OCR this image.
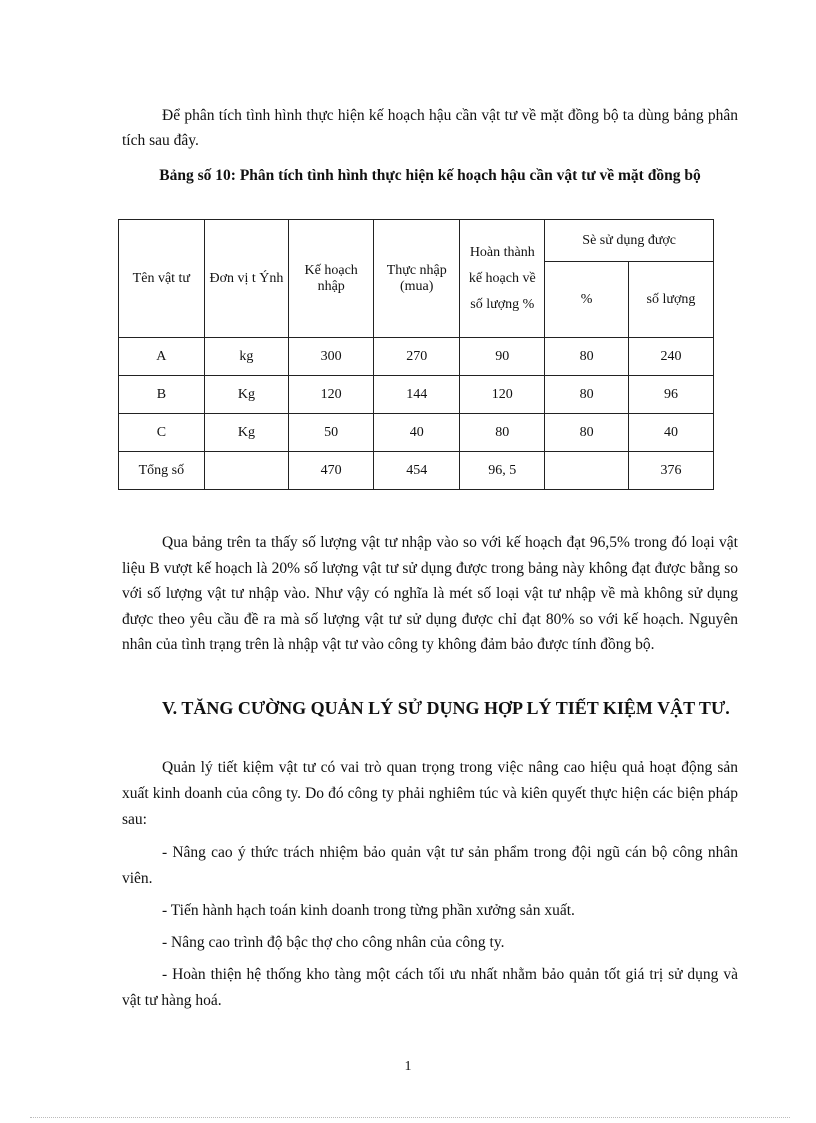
Để phân tích tình hình thực hiện kế hoạch hậu cần vật tư về mặt đồng bộ ta dùng bảng phân tích sau đây.

Bảng số 10: Phân tích tình hình thực hiện kế hoạch hậu cần vật tư về mặt đồng bộ

Tên vật tư	Đơn vị t Ýnh	Kế hoạch nhập	Thực nhập (mua)	Hoàn thành kế hoạch về số lượng %	Sè sử dụng được	
					%	số lượng
A	kg	300	270	90	80	240
B	Kg	120	144	120	80	96
C	Kg	50	40	80	80	40
Tổng số		470	454	96, 5		376

Qua bảng trên ta thấy số lượng vật tư nhập vào so với kế hoạch đạt 96,5% trong đó loại vật liệu B vượt kế hoạch là 20% số lượng vật tư sử dụng được trong bảng này không đạt được bằng so với số lượng vật tư nhập vào. Như vậy có nghĩa là mét số loại vật tư nhập về mà không sử dụng được theo yêu cầu đề ra mà số lượng vật tư sử dụng được chỉ đạt 80% so với kế hoạch. Nguyên nhân của tình trạng trên là nhập vật tư vào công ty không đảm bảo được tính đồng bộ.

V. TĂNG CƯỜNG QUẢN LÝ SỬ DỤNG HỢP LÝ TIẾT KIỆM VẬT TƯ.

Quản lý tiết kiệm vật tư có vai trò quan trọng trong việc nâng cao hiệu quả hoạt động sản xuất kinh doanh của công ty. Do đó công ty phải nghiêm túc và kiên quyết thực hiện các biện pháp sau:

- Nâng cao ý thức trách nhiệm bảo quản vật tư sản phẩm trong đội ngũ cán bộ công nhân viên.

- Tiến hành hạch toán kinh doanh trong từng phần xưởng sản xuất.

- Nâng cao trình độ bậc thợ cho công nhân của công ty.

- Hoàn thiện hệ thống kho tàng một cách tối ưu nhất nhằm bảo quản tốt giá trị sử dụng và vật tư hàng hoá.

1
